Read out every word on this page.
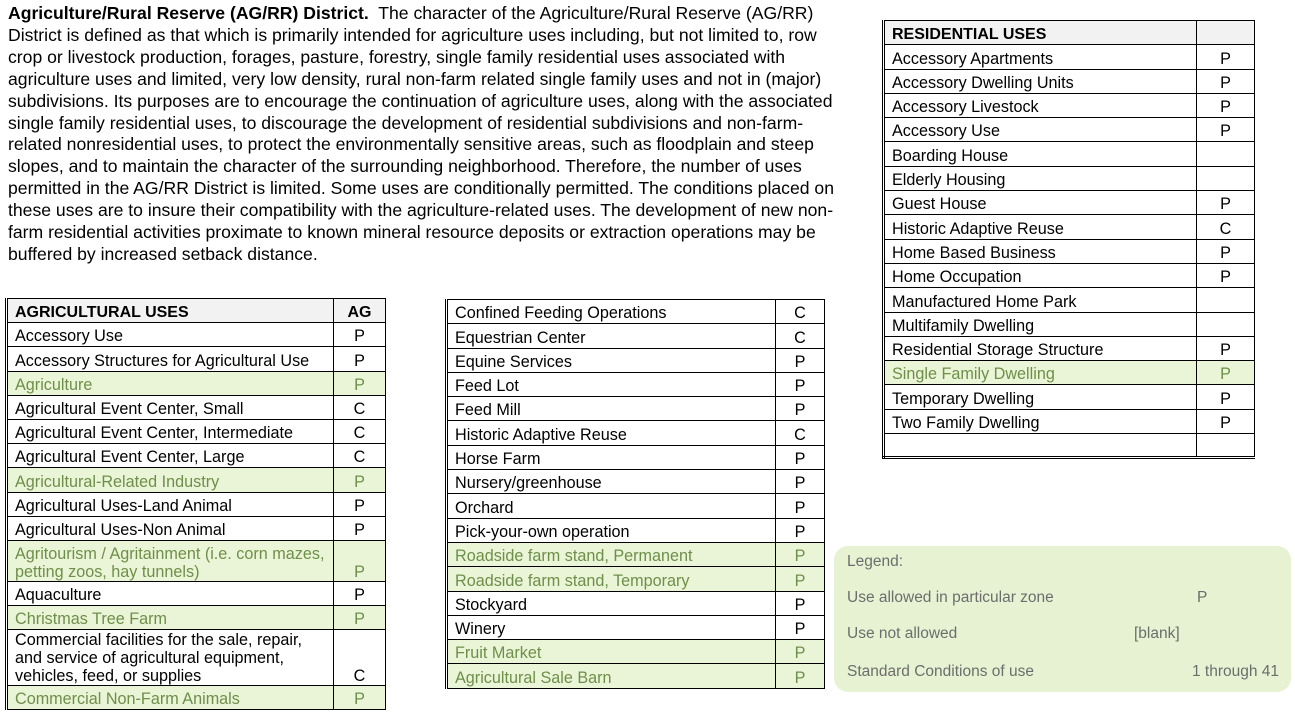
Agriculture/Rural Reserve (AG/RR) District. The character of the Agriculture/Rural Reserve (AG/RR) District is defined as that which is primarily intended for agriculture uses including, but not limited to, row crop or livestock production, forages, pasture, forestry, single family residential uses associated with agriculture uses and limited, very low density, rural non-farm related single family uses and not in (major) subdivisions. Its purposes are to encourage the continuation of agriculture uses, along with the associated single family residential uses, to discourage the development of residential subdivisions and non-farm-related nonresidential uses, to protect the environmentally sensitive areas, such as floodplain and steep slopes, and to maintain the character of the surrounding neighborhood. Therefore, the number of uses permitted in the AG/RR District is limited. Some uses are conditionally permitted. The conditions placed on these uses are to insure their compatibility with the agriculture-related uses. The development of new non-farm residential activities proximate to known mineral resource deposits or extraction operations may be buffered by increased setback distance.

AGRICULTURAL USES	AG
Accessory Use	P
Accessory Structures for Agricultural Use	P
Agriculture	P
Agricultural Event Center, Small	C
Agricultural Event Center, Intermediate	C
Agricultural Event Center, Large	C
Agricultural-Related Industry	P
Agricultural Uses-Land Animal	P
Agricultural Uses-Non Animal	P
Agritourism / Agritainment (i.e. corn mazes, petting zoos, hay tunnels)	P
Aquaculture	P
Christmas Tree Farm	P
Commercial facilities for the sale, repair, and service of agricultural equipment, vehicles, feed, or supplies	C
Commercial Non-Farm Animals	P
Confined Feeding Operations	C
Equestrian Center	C
Equine Services	P
Feed Lot	P
Feed Mill	P
Historic Adaptive Reuse	C
Horse Farm	P
Nursery/greenhouse	P
Orchard	P
Pick-your-own operation	P
Roadside farm stand, Permanent	P
Roadside farm stand, Temporary	P
Stockyard	P
Winery	P
Fruit Market	P
Agricultural Sale Barn	P
RESIDENTIAL USES	
Accessory Apartments	P
Accessory Dwelling Units	P
Accessory Livestock	P
Accessory Use	P
Boarding House	
Elderly Housing	
Guest House	P
Historic Adaptive Reuse	C
Home Based Business	P
Home Occupation	P
Manufactured Home Park	
Multifamily Dwelling	
Residential Storage Structure	P
Single Family Dwelling	P
Temporary Dwelling	P
Two Family Dwelling	P

Legend:
Use allowed in particular zone	P
Use not allowed	[blank]
Standard Conditions of use	1 through 41
